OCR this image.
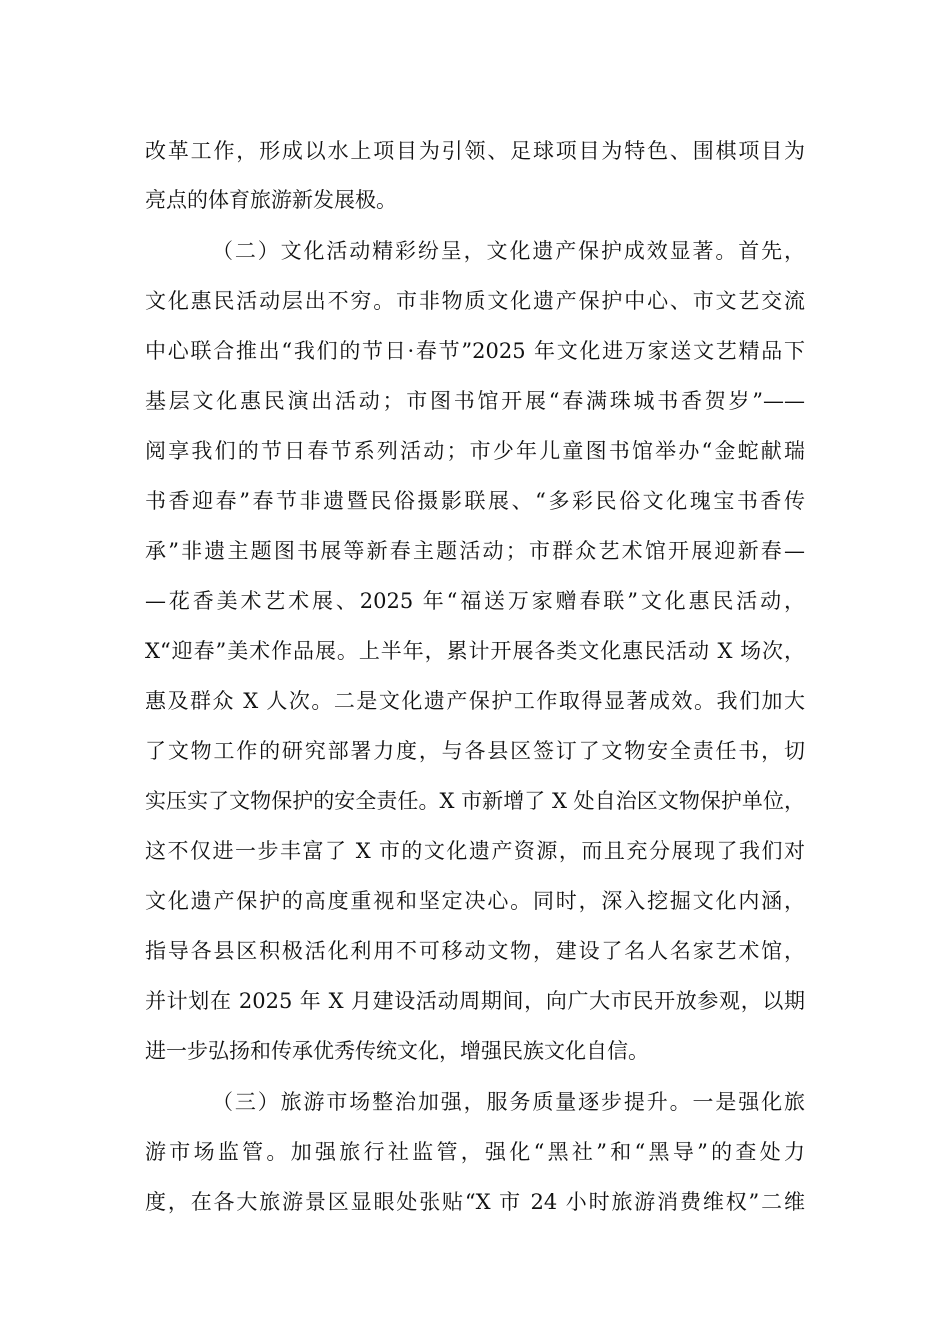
改革工作，形成以水上项目为引领、足球项目为特色、围棋项目为
亮点的体育旅游新发展极。
（二）文化活动精彩纷呈，文化遗产保护成效显著。首先，
文化惠民活动层出不穷。市非物质文化遗产保护中心、市文艺交流
中心联合推出“我们的节日·春节”2025 年文化进万家送文艺精品下
基层文化惠民演出活动；市图书馆开展“春满珠城书香贺岁”——
阅享我们的节日春节系列活动；市少年儿童图书馆举办“金蛇献瑞
书香迎春”春节非遗暨民俗摄影联展、“多彩民俗文化瑰宝书香传
承”非遗主题图书展等新春主题活动；市群众艺术馆开展迎新春—
—花香美术艺术展、2025 年“福送万家赠春联”文化惠民活动，
X“迎春”美术作品展。上半年，累计开展各类文化惠民活动 X 场次，
惠及群众 X 人次。二是文化遗产保护工作取得显著成效。我们加大
了文物工作的研究部署力度，与各县区签订了文物安全责任书，切
实压实了文物保护的安全责任。X 市新增了 X 处自治区文物保护单位，
这不仅进一步丰富了 X 市的文化遗产资源，而且充分展现了我们对
文化遗产保护的高度重视和坚定决心。同时，深入挖掘文化内涵，
指导各县区积极活化利用不可移动文物，建设了名人名家艺术馆，
并计划在 2025 年 X 月建设活动周期间，向广大市民开放参观，以期
进一步弘扬和传承优秀传统文化，增强民族文化自信。
（三）旅游市场整治加强，服务质量逐步提升。一是强化旅
游市场监管。加强旅行社监管，强化“黑社”和“黑导”的查处力
度，在各大旅游景区显眼处张贴“X 市 24 小时旅游消费维权”二维
